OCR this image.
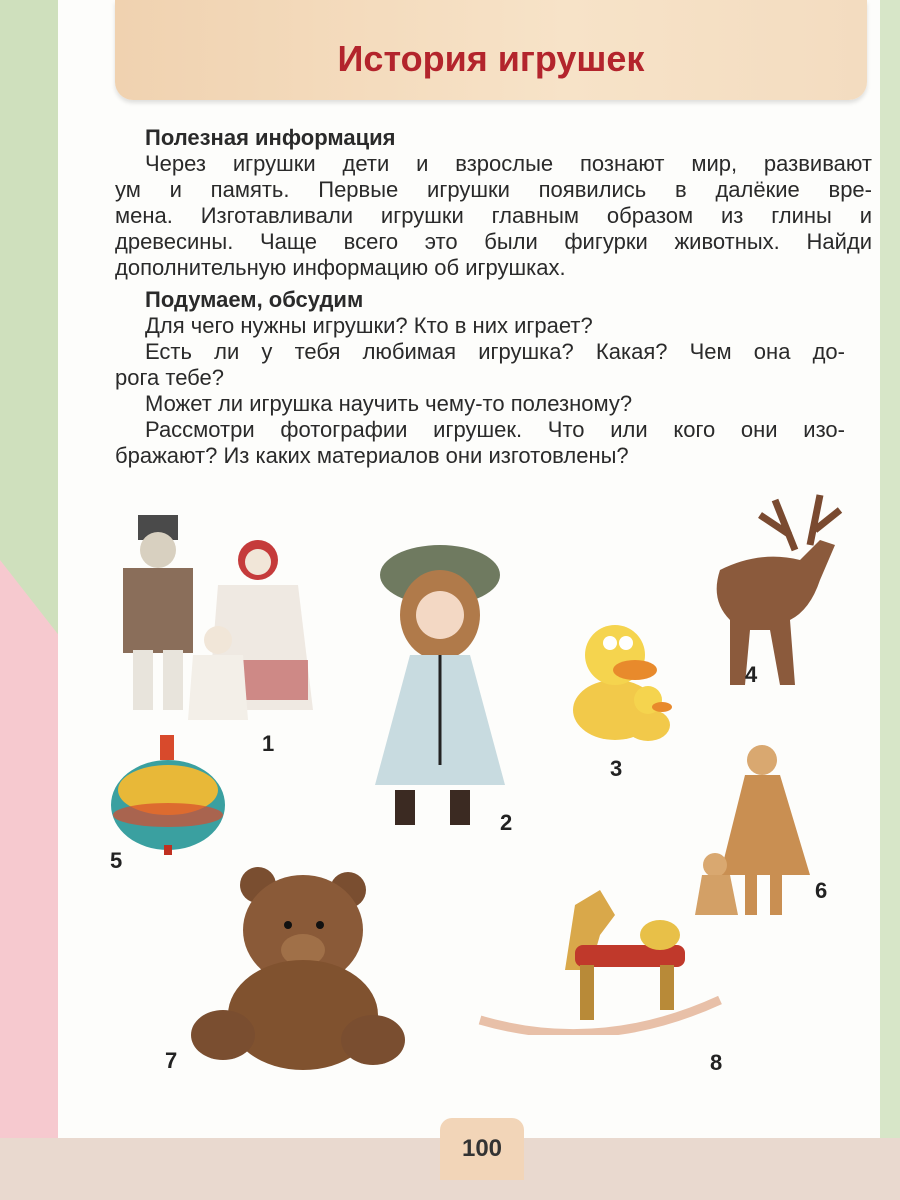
История игрушек
Полезная информация
Через игрушки дети и взрослые познают мир, развивают
ум и память. Первые игрушки появились в далёкие вре-
мена. Изготавливали игрушки главным образом из глины и
древесины. Чаще всего это были фигурки животных. Найди
дополнительную информацию об игрушках.
Подумаем, обсудим
Для чего нужны игрушки? Кто в них играет?
Есть ли у тебя любимая игрушка? Какая? Чем она до-
рога тебе?
Может ли игрушка научить чему-то полезному?
Рассмотри фотографии игрушек. Что или кого они изо-
бражают? Из каких материалов они изготовлены?
1
2
3
4
5
6
7	8
100
